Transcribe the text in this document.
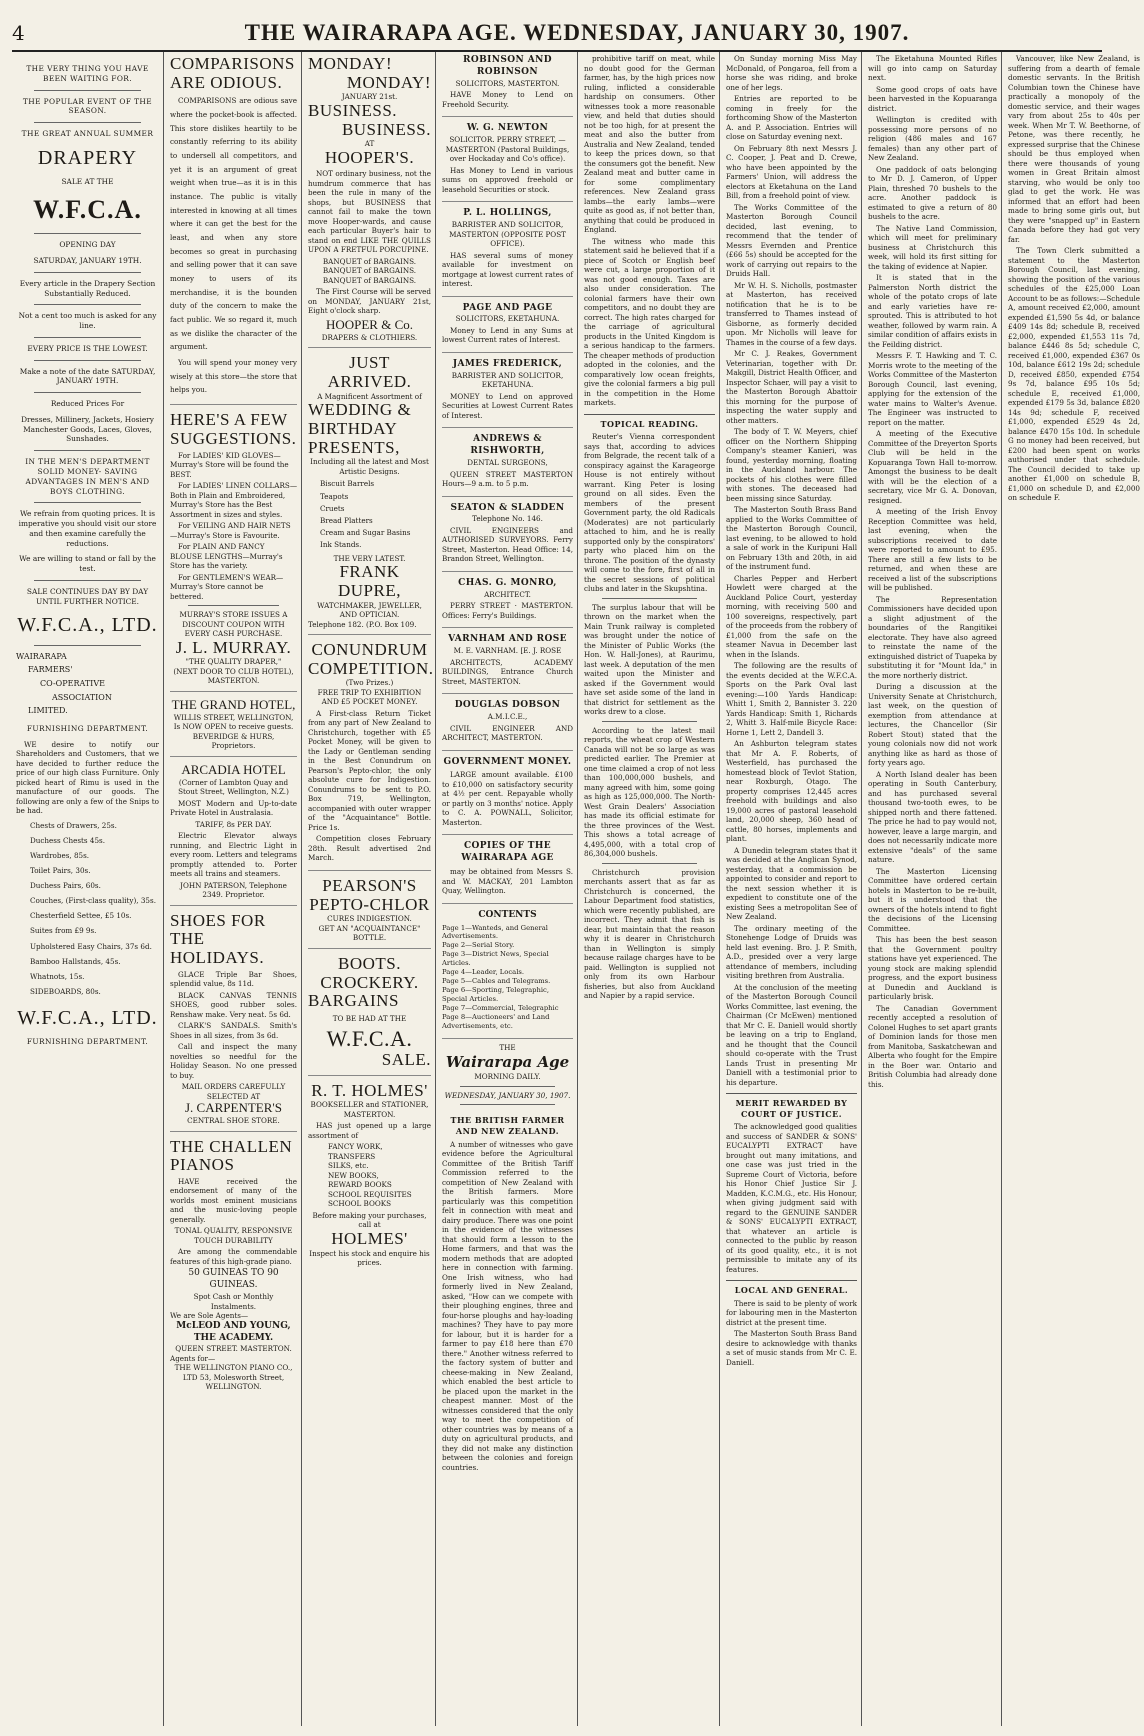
4	THE WAIRARAPA AGE. WEDNESDAY, JANUARY 30, 1907.
THE VERY THING YOU HAVE BEEN WAITING FOR.
THE POPULAR EVENT OF THE SEASON.
THE GREAT ANNUAL SUMMER
DRAPERY
SALE AT THE
W.F.C.A.
OPENING DAY
SATURDAY, JANUARY 19TH.
Every article in the Drapery Section Substantially Reduced.
Not a cent too much is asked for any line.
EVERY PRICE IS THE LOWEST.
Make a note of the date SATURDAY, JANUARY 19TH.
Reduced Prices For
Dresses, Millinery, Jackets, Hosiery Manchester Goods, Laces, Gloves, Sunshades.
IN THE MEN'S DEPARTMENT SOLID MONEY- SAVING ADVANTAGES IN MEN'S AND BOYS CLOTHING.
We refrain from quoting prices. It is imperative you should visit our store and then examine carefully the reductions.
We are willing to stand or fall by the test.
SALE CONTINUES DAY BY DAY UNTIL FURTHER NOTICE.
W.F.C.A., LTD.
WAIRARAPA
FARMERS'
CO-OPERATIVE
ASSOCIATION
LIMITED.
FURNISHING DEPARTMENT.

WE desire to notify our Shareholders and Customers, that we have decided to further reduce the price of our high class Furniture. Only picked heart of Rimu is used in the manufacture of our goods. The following are only a few of the Snips to be had.

Chests of Drawers, 25s.
Duchess Chests 45s.
Wardrobes, 85s.
Toilet Pairs, 30s.
Duchess Pairs, 60s.
Couches, (First-class quality), 35s.
Chesterfield Settee, £5 10s.
Suites from £9 9s.
Upholstered Easy Chairs, 37s 6d.
Bamboo Hallstands, 45s.
Whatnots, 15s.
SIDEBOARDS, 80s.
W.F.C.A., LTD.
FURNISHING DEPARTMENT.
COMPARISONS ARE ODIOUS.

COMPARISONS are odious save where the pocket-book is affected. This store dislikes heartily to be constantly referring to its ability to undersell all competitors, and yet it is an argument of great weight when true—as it is in this instance. The public is vitally interested in knowing at all times where it can get the best for the least, and when any store becomes so great in purchasing and selling power that it can save money to users of its merchandise, it is the bounden duty of the concern to make the fact public. We so regard it, much as we dislike the character of the argument.

You will spend your money very wisely at this store—the store that helps you.

HERE'S A FEW SUGGESTIONS.

For LADIES' KID GLOVES—Murray's Store will be found the BEST.

For LADIES' LINEN COLLARS—Both in Plain and Embroidered, Murray's Store has the Best Assortment in sizes and styles.

For VEILING AND HAIR NETS—Murray's Store is Favourite.

For PLAIN AND FANCY BLOUSE LENGTHS—Murray's Store has the variety.

For GENTLEMEN'S WEAR—Murray's Store cannot be bettered.

MURRAY'S STORE ISSUES A DISCOUNT COUPON WITH EVERY CASH PURCHASE.
J. L. MURRAY.
"THE QUALITY DRAPER,"
(NEXT DOOR TO CLUB HOTEL), MASTERTON.
THE GRAND HOTEL,
WILLIS STREET, WELLINGTON,
Is NOW OPEN to receive guests.
BEVERIDGE & HURS, Proprietors.
ARCADIA HOTEL
(Corner of Lambton Quay and Stout Street, Wellington, N.Z.)

MOST Modern and Up-to-date Private Hotel in Australasia.

TARIFF, 8s PER DAY.

Electric Elevator always running, and Electric Light in every room. Letters and telegrams promptly attended to. Porter meets all trains and steamers.

JOHN PATERSON, Telephone 2349. Proprietor.
SHOES FOR THE HOLIDAYS.

GLACE Triple Bar Shoes, splendid value, 8s 11d.

BLACK CANVAS TENNIS SHOES, good rubber soles. Renshaw make. Very neat. 5s 6d.

CLARK'S SANDALS. Smith's Shoes in all sizes, from 3s 6d.

Call and inspect the many novelties so needful for the Holiday Season. No one pressed to buy.

MAIL ORDERS CAREFULLY SELECTED AT
J. CARPENTER'S
CENTRAL SHOE STORE.
THE CHALLEN PIANOS

HAVE received the endorsement of many of the worlds most eminent musicians and the music-loving people generally.

TONAL QUALITY, RESPONSIVE TOUCH DURABILITY

Are among the commendable features of this high-grade piano.

50 GUINEAS TO 90 GUINEAS.
Spot Cash or Monthly Instalments.
We are Sole Agents—
McLEOD AND YOUNG, THE ACADEMY.
QUEEN STREET. MASTERTON.
Agents for—
THE WELLINGTON PIANO CO., LTD 53, Molesworth Street, WELLINGTON.
MONDAY!
MONDAY!
JANUARY 21st.
BUSINESS.
BUSINESS.
AT
HOOPER'S.

NOT ordinary business, not the humdrum commerce that has been the rule in many of the shops, but BUSINESS that cannot fail to make the town move Hooper-wards, and cause each particular Buyer's hair to stand on end LIKE THE QUILLS UPON A FRETFUL PORCUPINE.

BANQUET of BARGAINS. BANQUET of BARGAINS. BANQUET of BARGAINS.

The First Course will be served on MONDAY, JANUARY 21st, Eight o'clock sharp.

HOOPER & Co.
DRAPERS & CLOTHIERS.
JUST ARRIVED.
A Magnificent Assortment of
WEDDING & BIRTHDAY PRESENTS,
Including all the latest and Most Artistic Designs.
Biscuit Barrels
Teapots
Cruets
Bread Platters
Cream and Sugar Basins
Ink Stands.
THE VERY LATEST.
FRANK DUPRE,
WATCHMAKER, JEWELLER, AND OPTICIAN.
Telephone 182. (P.O. Box 109.
CONUNDRUM COMPETITION.
(Two Prizes.)
FREE TRIP TO EXHIBITION AND £5 POCKET MONEY.

A First-class Return Ticket from any part of New Zealand to Christchurch, together with £5 Pocket Money, will be given to the Lady or Gentleman sending in the Best Conundrum on Pearson's Pepto-chlor, the only absolute cure for Indigestion. Conundrums to be sent to P.O. Box 719, Wellington, accompanied with outer wrapper of the "Acquaintance" Bottle. Price 1s.

Competition closes February 28th. Result advertised 2nd March.

PEARSON'S PEPTO-CHLOR
CURES INDIGESTION.
GET AN "ACQUAINTANCE" BOTTLE.
BOOTS. CROCKERY.
BARGAINS
TO BE HAD AT THE
W.F.C.A.
SALE.
R. T. HOLMES'
BOOKSELLER and STATIONER, MASTERTON.

HAS just opened up a large assortment of

FANCY WORK,
TRANSFERS
SILKS, etc.
NEW BOOKS,
REWARD BOOKS
SCHOOL REQUISITES
SCHOOL BOOKS
Before making your purchases, call at
HOLMES'
Inspect his stock and enquire his prices.
ROBINSON AND ROBINSON
SOLICITORS, MASTERTON.

HAVE Money to Lend on Freehold Security.

W. G. NEWTON
SOLICITOR. PERRY STREET, — MASTERTON (Pastoral Buildings, over Hockaday and Co's office).

Has Money to Lend in various sums on approved freehold or leasehold Securities or stock.

P. L. HOLLINGS,
BARRISTER AND SOLICITOR, MASTERTON (OPPOSITE POST OFFICE).

HAS several sums of money available for investment on mortgage at lowest current rates of interest.

PAGE AND PAGE
SOLICITORS, EKETAHUNA.

Money to Lend in any Sums at lowest Current rates of Interest.

JAMES FREDERICK,
BARRISTER AND SOLICITOR, EKETAHUNA.

MONEY to Lend on approved Securities at Lowest Current Rates of Interest.

ANDREWS & RISHWORTH,
DENTAL SURGEONS,

QUEEN STREET MASTERTON Hours—9 a.m. to 5 p.m.

SEATON & SLADDEN
Telephone No. 146.

CIVIL ENGINEERS and AUTHORISED SURVEYORS. Ferry Street, Masterton. Head Office: 14, Brandon Street, Wellington.

CHAS. G. MONRO,
ARCHITECT.

PERRY STREET · MASTERTON. Offices: Ferry's Buildings.

VARNHAM AND ROSE
M. E. VARNHAM. [E. J. ROSE

ARCHITECTS, ACADEMY BUILDINGS, Entrance Church Street, MASTERTON.

DOUGLAS DOBSON
A.M.I.C.E.,

CIVIL ENGINEER AND ARCHITECT, MASTERTON.

GOVERNMENT MONEY.

LARGE amount available. £100 to £10,000 on satisfactory security at 4½ per cent. Repayable wholly or partly on 3 months' notice. Apply to C. A. POWNALL, Solicitor, Masterton.

COPIES OF THE WAIRARAPA AGE

may be obtained from Messrs S. and W. MACKAY, 201 Lambton Quay, Wellington.

CONTENTS
Page 1—Wanteds, and General Advertisements.
Page 2—Serial Story.
Page 3—District News, Special Articles.
Page 4—Leader, Locals.
Page 5—Cables and Telegrams.
Page 6—Sporting, Telegraphic, Special Articles.
Page 7—Commercial, Telegraphic
Page 8—Auctioneers' and Land Advertisements, etc.
THE
Wairarapa Age
MORNING DAILY.
WEDNESDAY, JANUARY 30, 1907.
THE BRITISH FARMER AND NEW ZEALAND.

A number of witnesses who gave evidence before the Agricultural Committee of the British Tariff Commission referred to the competition of New Zealand with the British farmers. More particularly was this competition felt in connection with meat and dairy produce. There was one point in the evidence of the witnesses that should form a lesson to the Home farmers, and that was the modern methods that are adopted here in connection with farming. One Irish witness, who had formerly lived in New Zealand, asked, "How can we compete with their ploughing engines, three and four-horse ploughs and hay-loading machines? They have to pay more for labour, but it is harder for a farmer to pay £18 here than £70 there." Another witness referred to the factory system of butter and cheese-making in New Zealand, which enabled the best article to be placed upon the market in the cheapest manner. Most of the witnesses considered that the only way to meet the competition of other countries was by means of a duty on agricultural products, and they did not make any distinction between the colonies and foreign countries.

prohibitive tariff on meat, while no doubt good for the German farmer, has, by the high prices now ruling, inflicted a considerable hardship on consumers. Other witnesses took a more reasonable view, and held that duties should not be too high, for at present the meat and also the butter from Australia and New Zealand, tended to keep the prices down, so that the consumers got the benefit. New Zealand meat and butter came in for some complimentary references. New Zealand grass lambs—the early lambs—were quite as good as, if not better than, anything that could be produced in England.

The witness who made this statement said he believed that if a piece of Scotch or English beef were cut, a large proportion of it was not good enough. Taxes are also under consideration. The colonial farmers have their own competitors, and no doubt they are correct. The high rates charged for the carriage of agricultural products in the United Kingdom is a serious handicap to the farmers. The cheaper methods of production adopted in the colonies, and the comparatively low ocean freights, give the colonial farmers a big pull in the competition in the Home markets.

TOPICAL READING.

Reuter's Vienna correspondent says that, according to advices from Belgrade, the recent talk of a conspiracy against the Karageorge House is not entirely without warrant. King Peter is losing ground on all sides. Even the members of the present Government party, the old Radicals (Moderates) are not particularly attached to him, and he is really supported only by the conspirators' party who placed him on the throne. The position of the dynasty will come to the fore, first of all in the secret sessions of political clubs and later in the Skupshtina.

The surplus labour that will be thrown on the market when the Main Trunk railway is completed was brought under the notice of the Minister of Public Works (the Hon. W. Hall-Jones), at Raurimu, last week. A deputation of the men waited upon the Minister and asked if the Government would have set aside some of the land in that district for settlement as the works drew to a close.

According to the latest mail reports, the wheat crop of Western Canada will not be so large as was predicted earlier. The Premier at one time claimed a crop of not less than 100,000,000 bushels, and many agreed with him, some going as high as 125,000,000. The North-West Grain Dealers' Association has made its official estimate for the three provinces of the West. This shows a total acreage of 4,495,000, with a total crop of 86,304,000 bushels.

Christchurch provision merchants assert that as far as Christchurch is concerned, the Labour Department food statistics, which were recently published, are incorrect. They admit that fish is dear, but maintain that the reason why it is dearer in Christchurch than in Wellington is simply because railage charges have to be paid. Wellington is supplied not only from its own Harbour fisheries, but also from Auckland and Napier by a rapid service.

On Sunday morning Miss May McDonald, of Pongaroa, fell from a horse she was riding, and broke one of her legs.

Entries are reported to be coming in freely for the forthcoming Show of the Masterton A. and P. Association. Entries will close on Saturday evening next.

On February 8th next Messrs J. C. Cooper, J. Peat and D. Crewe, who have been appointed by the Farmers' Union, will address the electors at Eketahuna on the Land Bill, from a freehold point of view.

The Works Committee of the Masterton Borough Council decided, last evening, to recommend that the tender of Messrs Evernden and Prentice (£66 5s) should be accepted for the work of carrying out repairs to the Druids Hall.

Mr W. H. S. Nicholls, postmaster at Masterton, has received notification that he is to be transferred to Thames instead of Gisborne, as formerly decided upon. Mr Nicholls will leave for Thames in the course of a few days.

Mr C. J. Reakes, Government Veterinarian, together with Dr. Makgill, District Health Officer, and Inspector Schaer, will pay a visit to the Masterton Borough Abattoir this morning for the purpose of inspecting the water supply and other matters.

The body of T. W. Meyers, chief officer on the Northern Shipping Company's steamer Kanieri, was found, yesterday morning, floating in the Auckland harbour. The pockets of his clothes were filled with stones. The deceased had been missing since Saturday.

The Masterton South Brass Band applied to the Works Committee of the Masterton Borough Council, last evening, to be allowed to hold a sale of work in the Kuripuni Hall on February 13th and 20th, in aid of the instrument fund.

Charles Pepper and Herbert Howlett were charged at the Auckland Police Court, yesterday morning, with receiving 500 and 100 sovereigns, respectively, part of the proceeds from the robbery of £1,000 from the safe on the steamer Navua in December last when in the Islands.

The following are the results of the events decided at the W.F.C.A. Sports on the Park Oval last evening:—100 Yards Handicap: Whitt 1, Smith 2, Bannister 3. 220 Yards Handicap: Smith 1, Richards 2, Whitt 3. Half-mile Bicycle Race: Horne 1, Lett 2, Dandell 3.

An Ashburton telegram states that Mr A. F. Roberts, of Westerfield, has purchased the homestead block of Tevlot Station, near Roxburgh, Otago. The property comprises 12,445 acres freehold with buildings and also 19,000 acres of pastoral leasehold land, 20,000 sheep, 360 head of cattle, 80 horses, implements and plant.

A Dunedin telegram states that it was decided at the Anglican Synod, yesterday, that a commission be appointed to consider and report to the next session whether it is expedient to constitute one of the existing Sees a metropolitan See of New Zealand.

The ordinary meeting of the Stonehenge Lodge of Druids was held last evening. Bro. J. P. Smith, A.D., presided over a very large attendance of members, including visiting brethren from Australia.

At the conclusion of the meeting of the Masterton Borough Council Works Committee, last evening, the Chairman (Cr McEwen) mentioned that Mr C. E. Daniell would shortly be leaving on a trip to England, and he thought that the Council should co-operate with the Trust Lands Trust in presenting Mr Daniell with a testimonial prior to his departure.

MERIT REWARDED BY COURT OF JUSTICE.

The acknowledged good qualities and success of SANDER & SONS' EUCALYPTI EXTRACT have brought out many imitations, and one case was just tried in the Supreme Court of Victoria, before his Honor Chief Justice Sir J. Madden, K.C.M.G., etc. His Honour, when giving judgment said with regard to the GENUINE SANDER & SONS' EUCALYPTI EXTRACT, that whatever an article is connected to the public by reason of its good quality, etc., it is not permissible to imitate any of its features.

LOCAL AND GENERAL.

There is said to be plenty of work for labouring men in the Masterton district at the present time.

The Masterton South Brass Band desire to acknowledge with thanks a set of music stands from Mr C. E. Daniell.

The Eketahuna Mounted Rifles will go into camp on Saturday next.

Some good crops of oats have been harvested in the Kopuaranga district.

Wellington is credited with possessing more persons of no religion (486 males and 167 females) than any other part of New Zealand.

One paddock of oats belonging to Mr D. J. Cameron, of Upper Plain, threshed 70 bushels to the acre. Another paddock is estimated to give a return of 80 bushels to the acre.

The Native Land Commission, which will meet for preliminary business at Christchurch this week, will hold its first sitting for the taking of evidence at Napier.

It is stated that in the Palmerston North district the whole of the potato crops of late and early varieties have re-sprouted. This is attributed to hot weather, followed by warm rain. A similar condition of affairs exists in the Feilding district.

Messrs F. T. Hawking and T. C. Morris wrote to the meeting of the Works Committee of the Masterton Borough Council, last evening, applying for the extension of the water mains to Walter's Avenue. The Engineer was instructed to report on the matter.

A meeting of the Executive Committee of the Dreyerton Sports Club will be held in the Kopuaranga Town Hall to-morrow. Amongst the business to be dealt with will be the election of a secretary, vice Mr G. A. Donovan, resigned.

A meeting of the Irish Envoy Reception Committee was held, last evening, when the subscriptions received to date were reported to amount to £95. There are still a few lists to be returned, and when these are received a list of the subscriptions will be published.

The Representation Commissioners have decided upon a slight adjustment of the boundaries of the Rangitikei electorate. They have also agreed to reinstate the name of the extinguished district of Tuapeka by substituting it for "Mount Ida," in the more northerly district.

During a discussion at the University Senate at Christchurch, last week, on the question of exemption from attendance at lectures, the Chancellor (Sir Robert Stout) stated that the young colonials now did not work anything like as hard as those of forty years ago.

A North Island dealer has been operating in South Canterbury, and has purchased several thousand two-tooth ewes, to be shipped north and there fattened. The price he had to pay would not, however, leave a large margin, and does not necessarily indicate more extensive "deals" of the same nature.

The Masterton Licensing Committee have ordered certain hotels in Masterton to be re-built, but it is understood that the owners of the hotels intend to fight the decisions of the Licensing Committee.

This has been the best season that the Government poultry stations have yet experienced. The young stock are making splendid progress, and the export business at Dunedin and Auckland is particularly brisk.

The Canadian Government recently accepted a resolution of Colonel Hughes to set apart grants of Dominion lands for those men from Manitoba, Saskatchewan and Alberta who fought for the Empire in the Boer war. Ontario and British Columbia had already done this.

Vancouver, like New Zealand, is suffering from a dearth of female domestic servants. In the British Columbian town the Chinese have practically a monopoly of the domestic service, and their wages vary from about 25s to 40s per week. When Mr T. W. Beethorne, of Petone, was there recently, he expressed surprise that the Chinese should be thus employed when there were thousands of young women in Great Britain almost starving, who would be only too glad to get the work. He was informed that an effort had been made to bring some girls out, but they were "snapped up" in Eastern Canada before they had got very far.

The Town Clerk submitted a statement to the Masterton Borough Council, last evening, showing the position of the various schedules of the £25,000 Loan Account to be as follows:—Schedule A, amount received £2,000, amount expended £1,590 5s 4d, or balance £409 14s 8d; schedule B, received £2,000, expended £1,553 11s 7d, balance £446 8s 5d; schedule C, received £1,000, expended £367 0s 10d, balance £612 19s 2d; schedule D, received £850, expended £754 9s 7d, balance £95 10s 5d; schedule E, received £1,000, expended £179 5s 3d, balance £820 14s 9d; schedule F, received £1,000, expended £529 4s 2d, balance £470 15s 10d. In schedule G no money had been received, but £200 had been spent on works authorised under that schedule. The Council decided to take up another £1,000 on schedule B, £1,000 on schedule D, and £2,000 on schedule F.
